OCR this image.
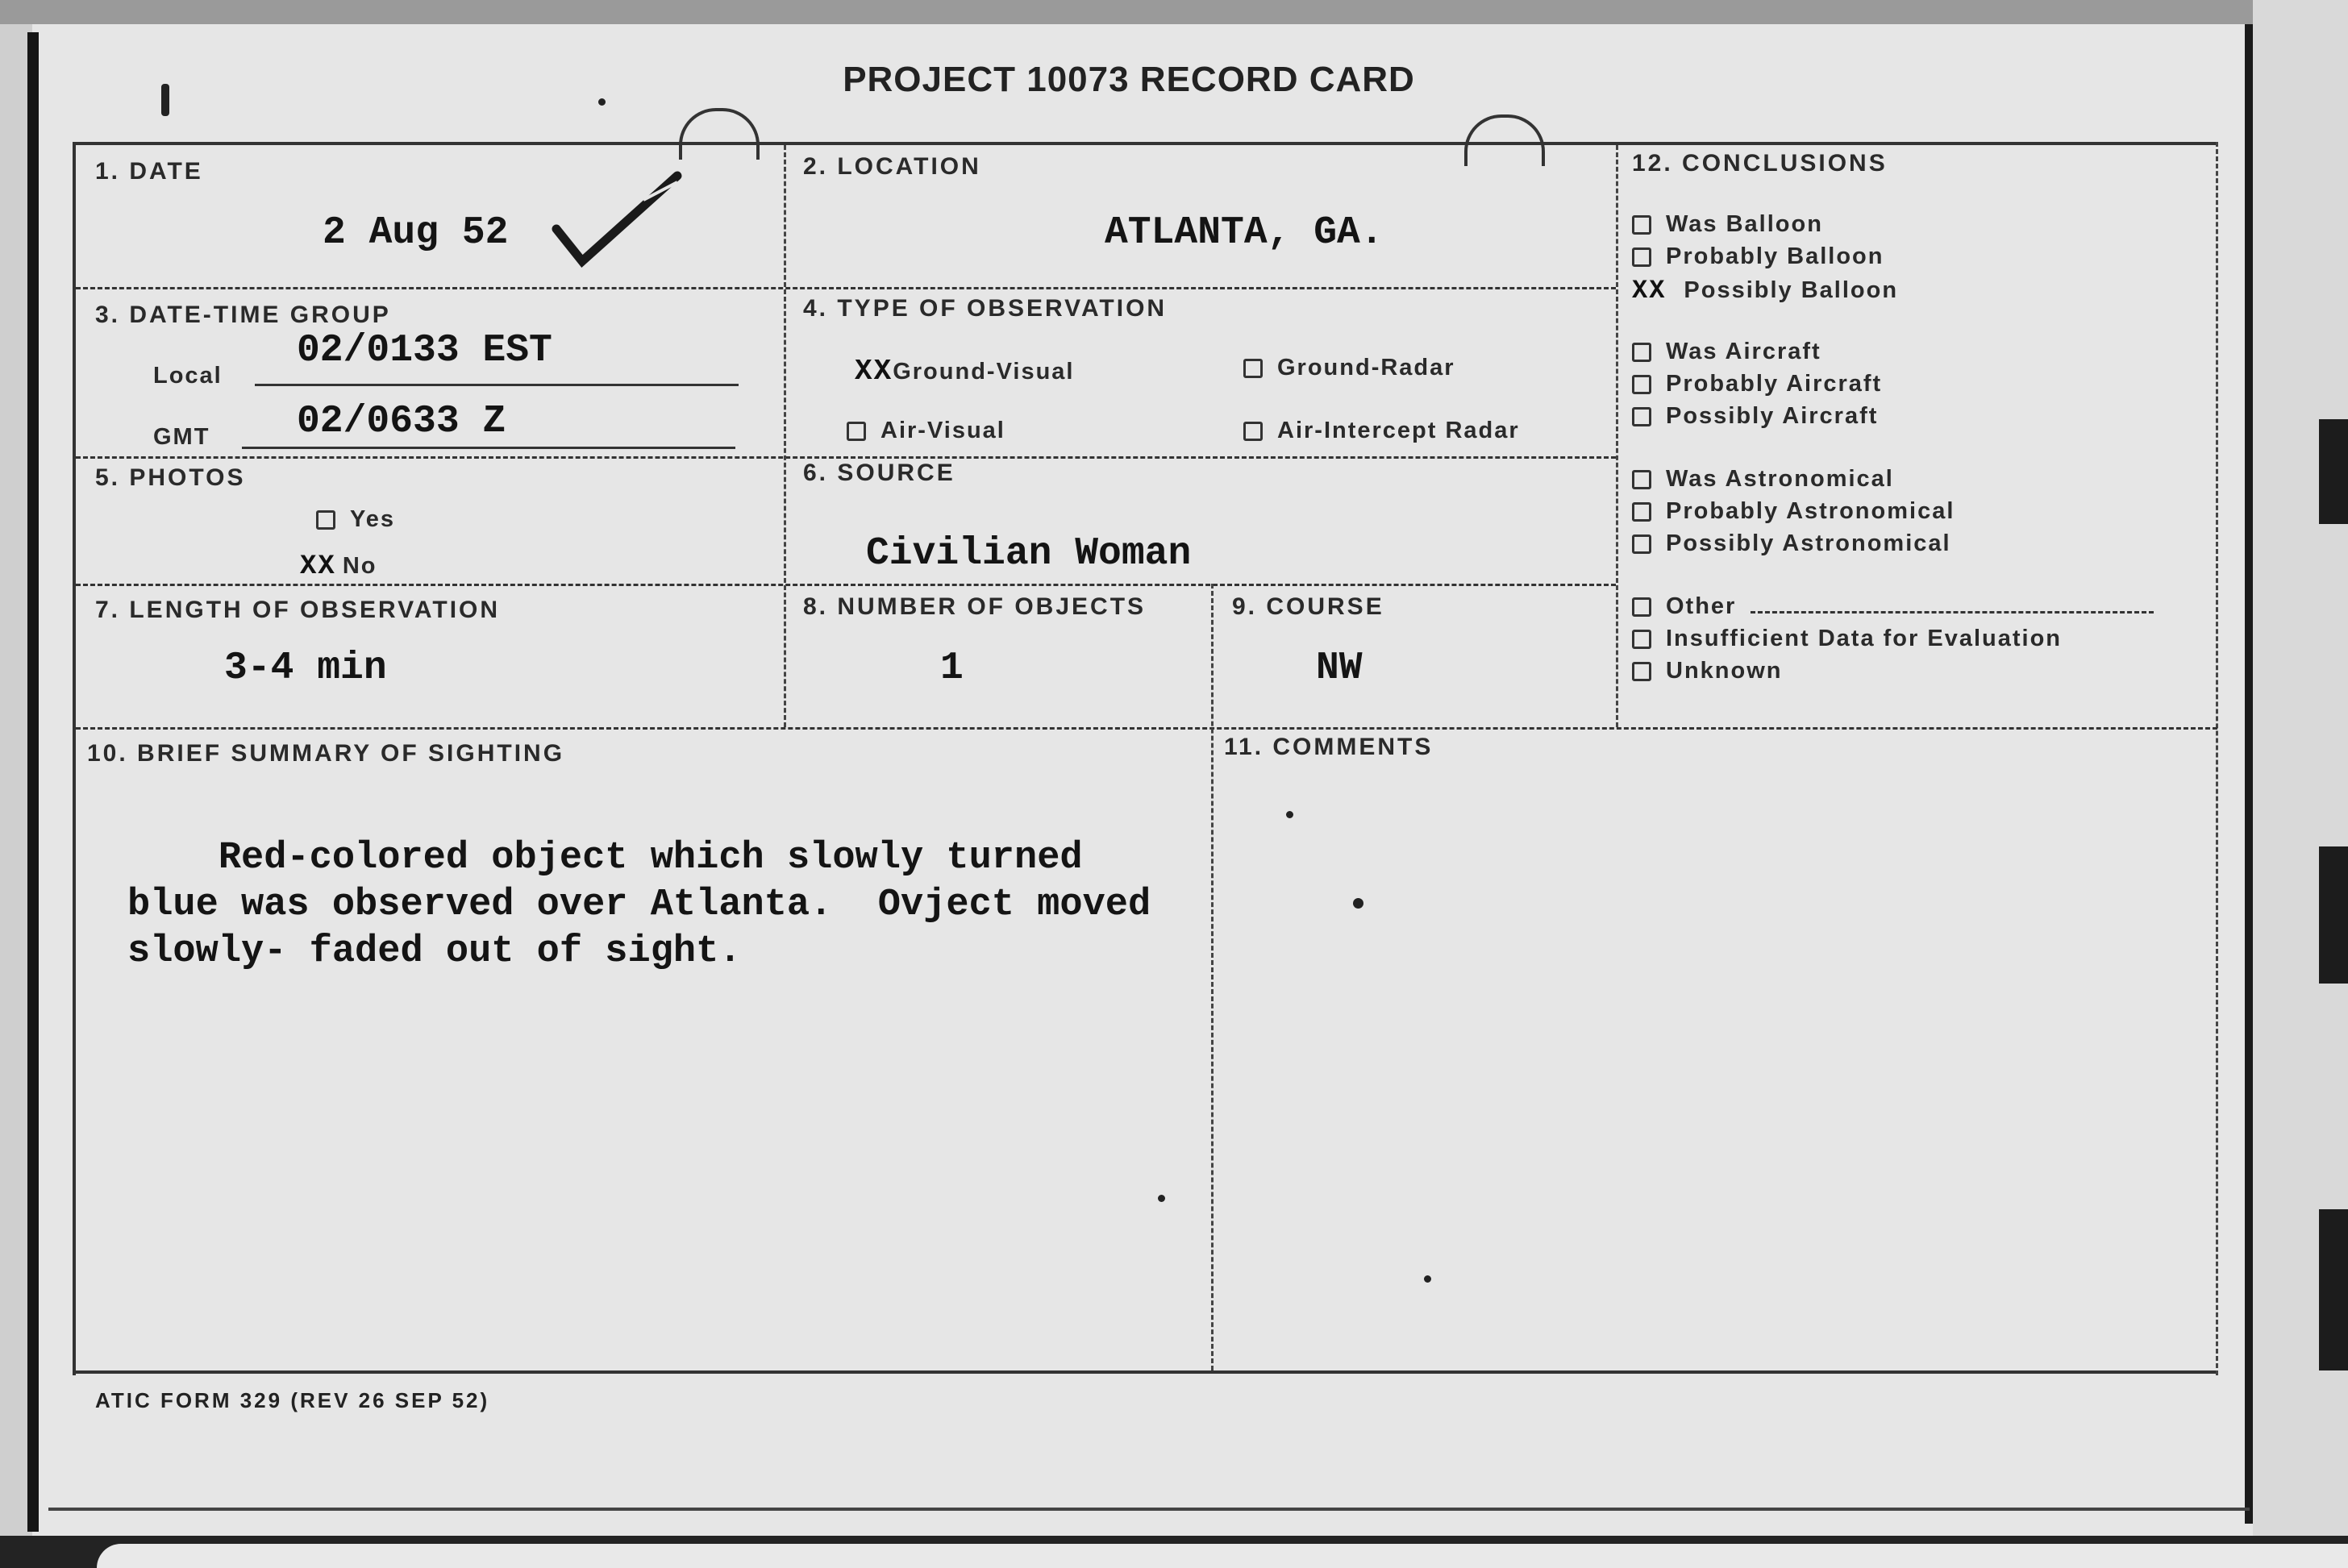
PROJECT 10073 RECORD CARD
1. DATE
2 Aug 52
2. LOCATION
ATLANTA, GA.
12. CONCLUSIONS
Was Balloon
Probably Balloon
XX Possibly Balloon
Was Aircraft
Probably Aircraft
Possibly Aircraft
Was Astronomical
Probably Astronomical
Possibly Astronomical
Other
Insufficient Data for Evaluation
Unknown
3. DATE-TIME GROUP
Local
02/0133 EST
GMT 02/0633 Z
4. TYPE OF OBSERVATION
XXGround-Visual	Ground-Radar
Air-Visual	Air-Intercept Radar
5. PHOTOS
Yes
XX No
6. SOURCE
Civilian Woman
7. LENGTH OF OBSERVATION
3-4 min
8. NUMBER OF OBJECTS
1
9. COURSE
NW
10. BRIEF SUMMARY OF SIGHTING
Red-colored object which slowly turned
blue was observed over Atlanta.  Ovject moved
slowly- faded out of sight.
11. COMMENTS
ATIC FORM 329 (REV 26 SEP 52)
